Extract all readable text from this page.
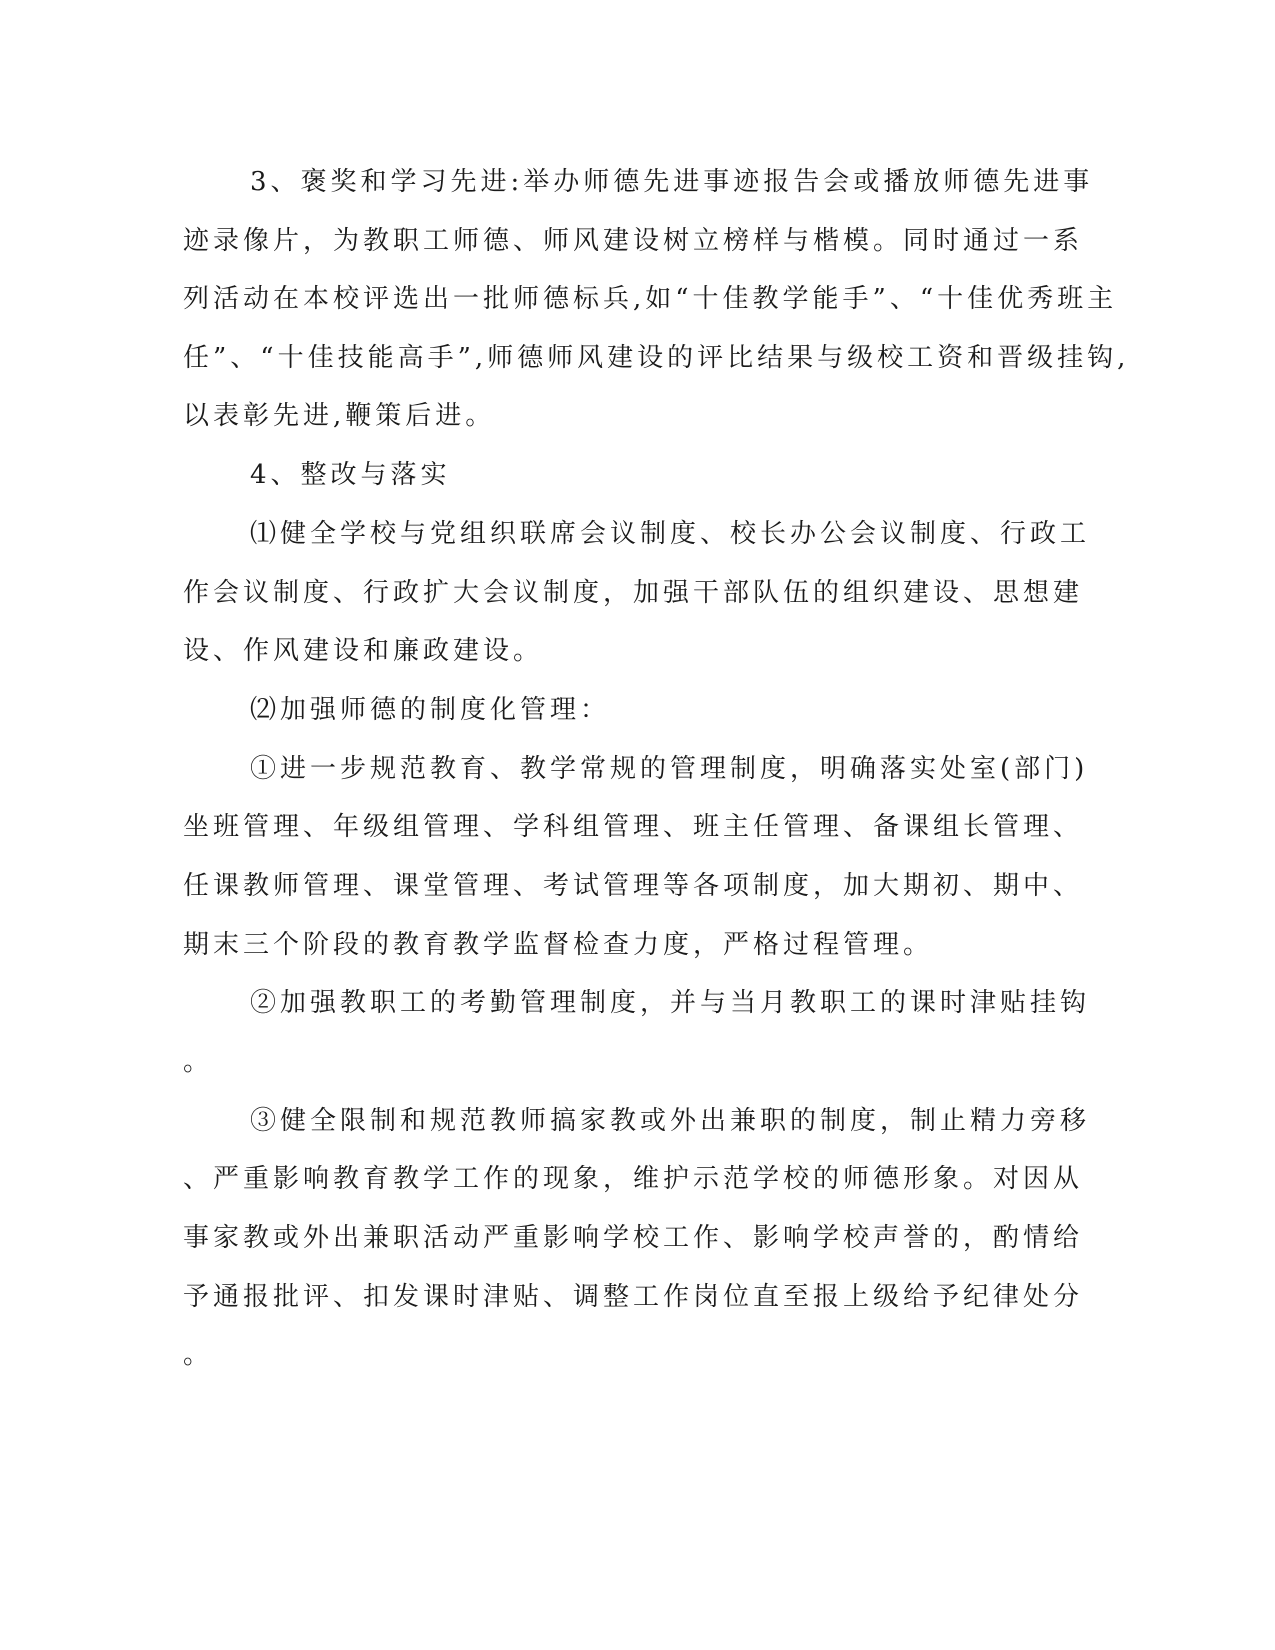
3、褒奖和学习先进:举办师德先进事迹报告会或播放师德先进事
迹录像片，为教职工师德、师风建设树立榜样与楷模。同时通过一系
列活动在本校评选出一批师德标兵,如“十佳教学能手”、“十佳优秀班主
任”、“十佳技能高手”,师德师风建设的评比结果与级校工资和晋级挂钩,
以表彰先进,鞭策后进。
4、整改与落实
⑴健全学校与党组织联席会议制度、校长办公会议制度、行政工
作会议制度、行政扩大会议制度，加强干部队伍的组织建设、思想建
设、作风建设和廉政建设。
⑵加强师德的制度化管理：
①进一步规范教育、教学常规的管理制度，明确落实处室(部门)
坐班管理、年级组管理、学科组管理、班主任管理、备课组长管理、
任课教师管理、课堂管理、考试管理等各项制度，加大期初、期中、
期末三个阶段的教育教学监督检查力度，严格过程管理。
②加强教职工的考勤管理制度，并与当月教职工的课时津贴挂钩
。
③健全限制和规范教师搞家教或外出兼职的制度，制止精力旁移
、严重影响教育教学工作的现象，维护示范学校的师德形象。对因从
事家教或外出兼职活动严重影响学校工作、影响学校声誉的，酌情给
予通报批评、扣发课时津贴、调整工作岗位直至报上级给予纪律处分
。
